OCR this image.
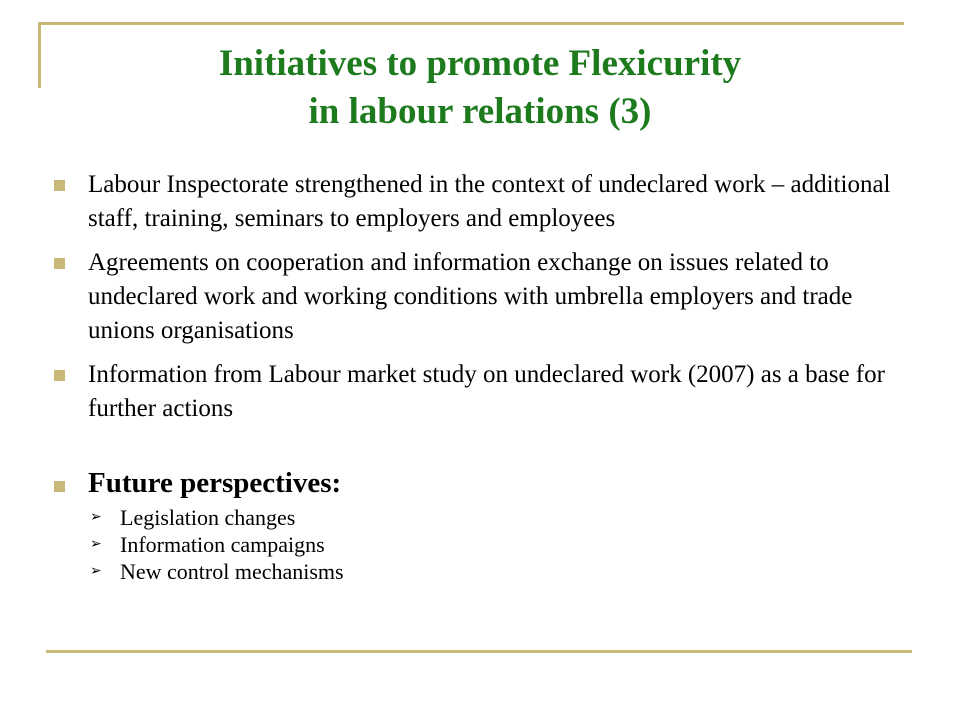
Initiatives to promote Flexicurity
in labour relations (3)
Labour Inspectorate strengthened in the context of undeclared work – additional staff, training, seminars to employers and employees
Agreements on cooperation and information exchange on issues related to undeclared work and working conditions with umbrella employers and trade unions organisations
Information from Labour market study on undeclared work (2007) as a base for further actions
Future perspectives:
➢ Legislation changes
➢ Information campaigns
➢ New control mechanisms
